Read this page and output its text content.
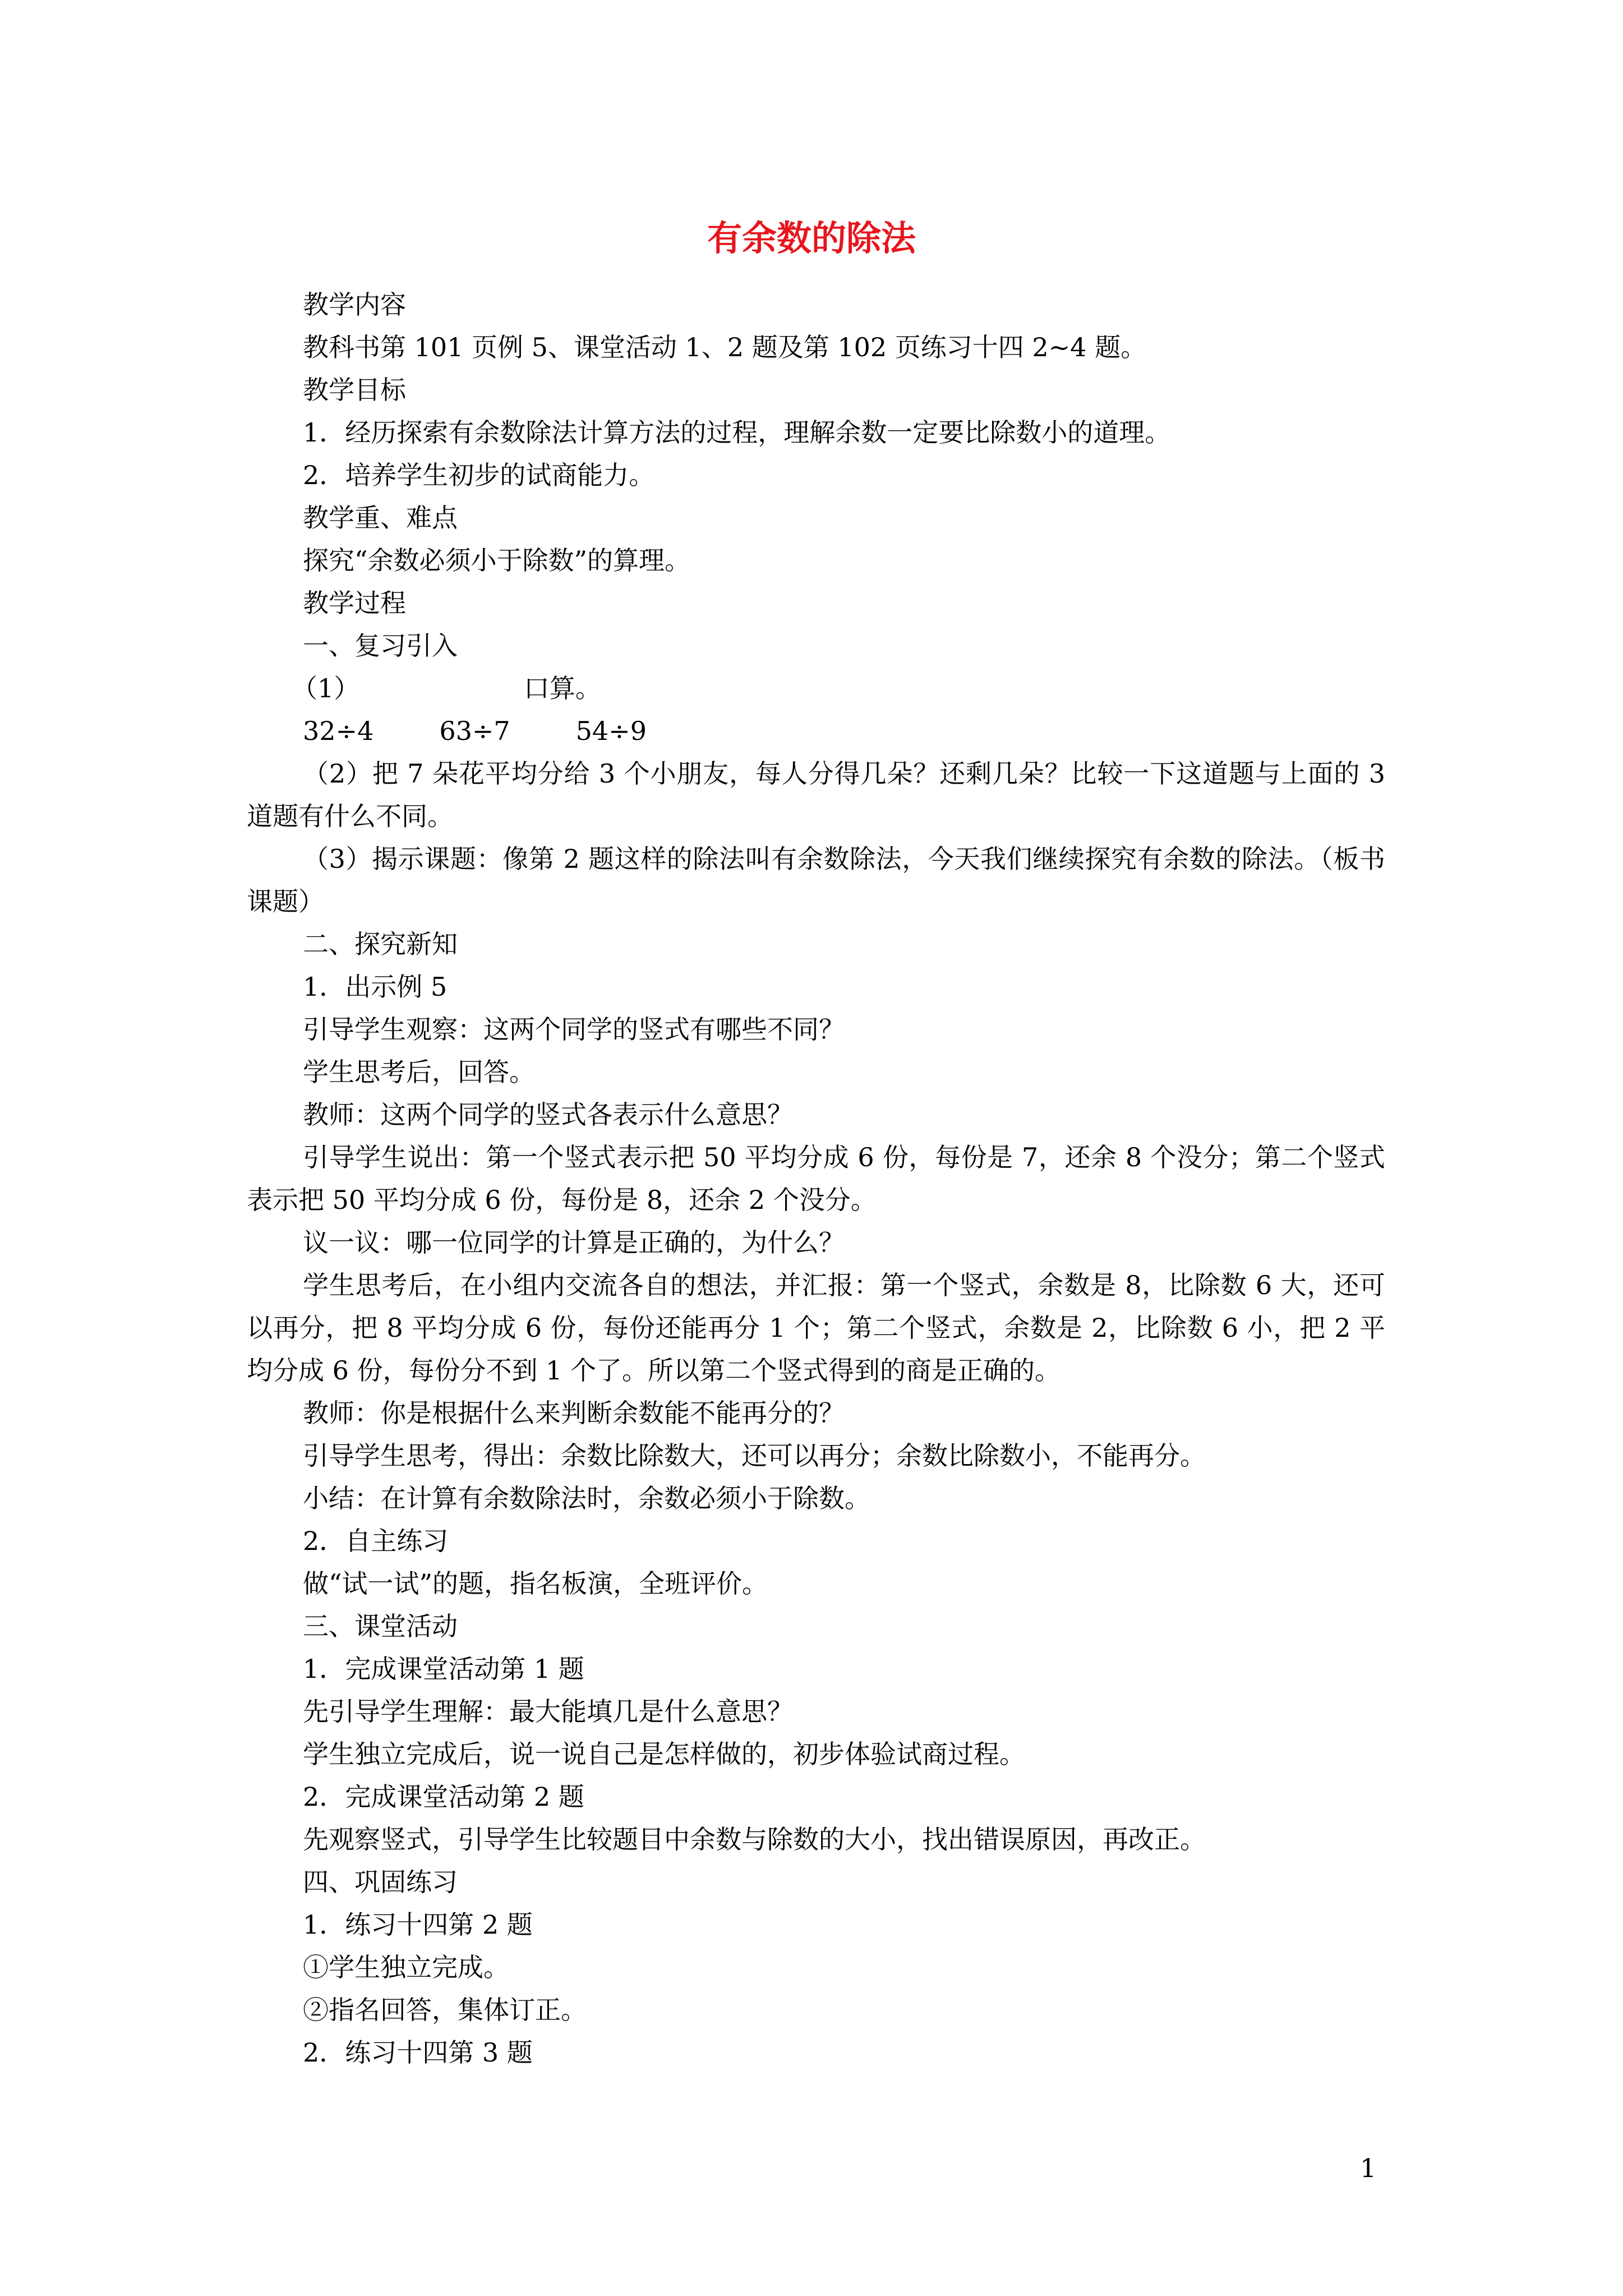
有余数的除法

教学内容

教科书第 101 页例 5、课堂活动 1、2 题及第 102 页练习十四 2~4 题。

教学目标

1．经历探索有余数除法计算方法的过程，理解余数一定要比除数小的道理。

2．培养学生初步的试商能力。

教学重、难点

探究“余数必须小于除数”的算理。

教学过程

一、复习引入

（1）                    口算。

32÷4        63÷7        54÷9

（2）把 7 朵花平均分给 3 个小朋友，每人分得几朵？还剩几朵？比较一下这道题与上面的 3 道题有什么不同。

（3）揭示课题：像第 2 题这样的除法叫有余数除法，今天我们继续探究有余数的除法。（板书课题）

二、探究新知

1．出示例 5

引导学生观察：这两个同学的竖式有哪些不同？

学生思考后，回答。

教师：这两个同学的竖式各表示什么意思？

引导学生说出：第一个竖式表示把 50 平均分成 6 份，每份是 7，还余 8 个没分；第二个竖式表示把 50 平均分成 6 份，每份是 8，还余 2 个没分。

议一议：哪一位同学的计算是正确的，为什么？

学生思考后，在小组内交流各自的想法，并汇报：第一个竖式，余数是 8，比除数 6 大，还可以再分，把 8 平均分成 6 份，每份还能再分 1 个；第二个竖式，余数是 2，比除数 6 小，把 2 平均分成 6 份，每份分不到 1 个了。所以第二个竖式得到的商是正确的。

教师：你是根据什么来判断余数能不能再分的？

引导学生思考，得出：余数比除数大，还可以再分；余数比除数小，不能再分。

小结：在计算有余数除法时，余数必须小于除数。

2．自主练习

做“试一试”的题，指名板演，全班评价。

三、课堂活动

1．完成课堂活动第 1 题

先引导学生理解：最大能填几是什么意思？

学生独立完成后，说一说自己是怎样做的，初步体验试商过程。

2．完成课堂活动第 2 题

先观察竖式，引导学生比较题目中余数与除数的大小，找出错误原因，再改正。

四、巩固练习

1．练习十四第 2 题

①学生独立完成。

②指名回答，集体订正。

2．练习十四第 3 题

1
